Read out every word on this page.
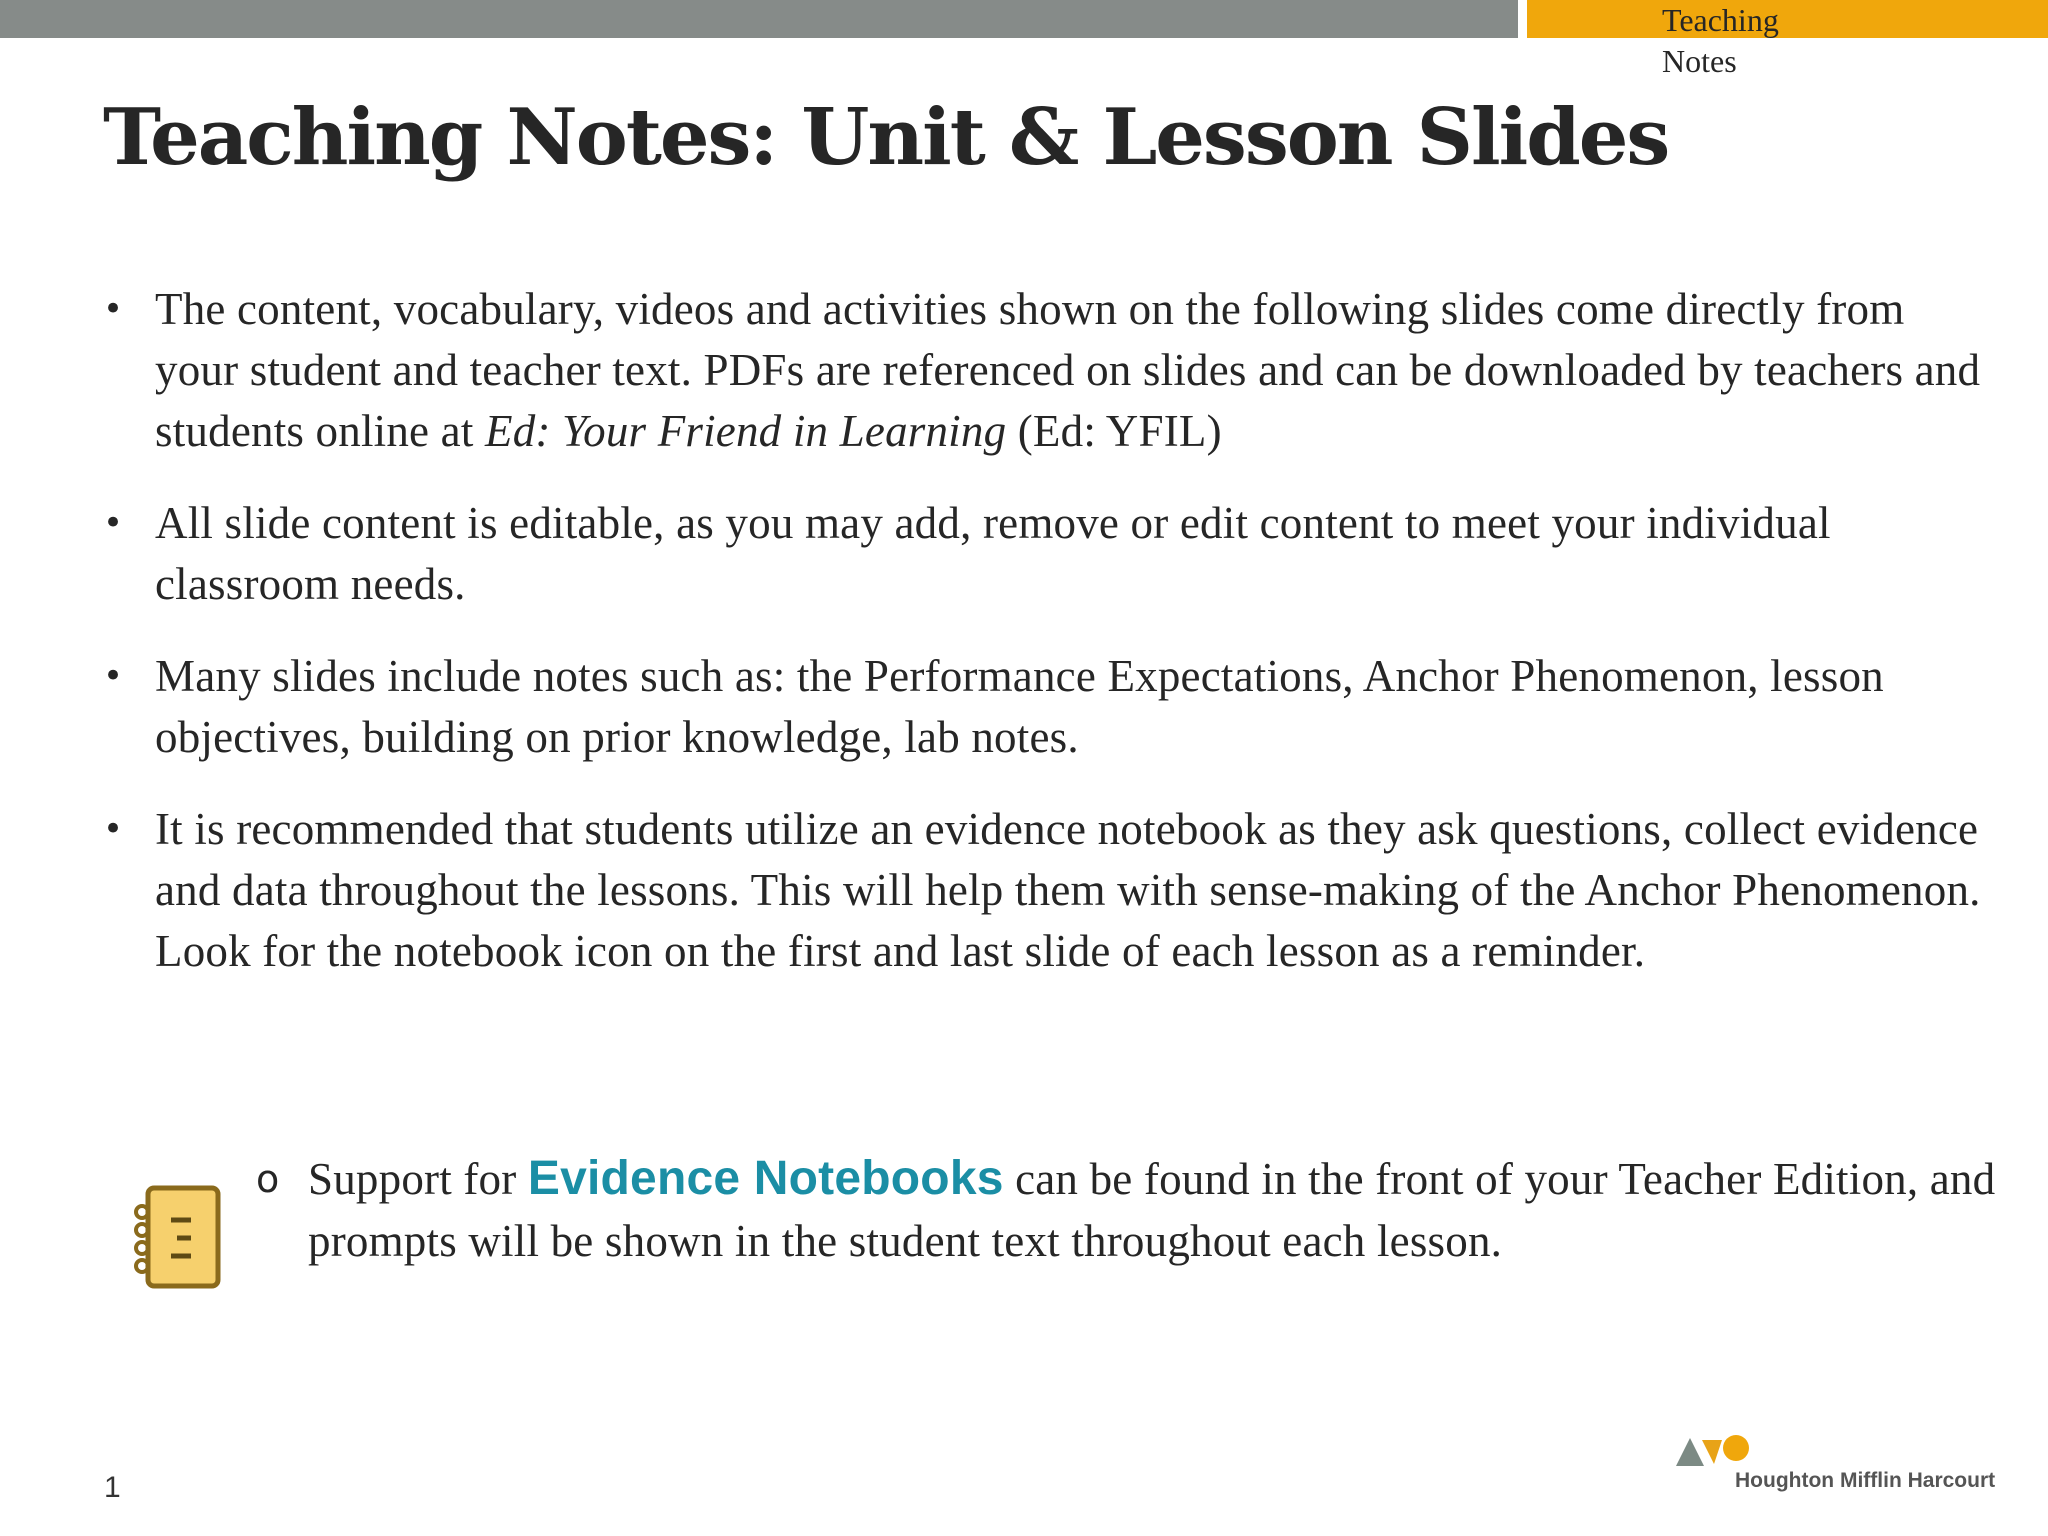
Teaching Notes
Teaching Notes: Unit & Lesson Slides
• The content, vocabulary, videos and activities shown on the following slides come directly from your student and teacher text. PDFs are referenced on slides and can be downloaded by teachers and students online at Ed: Your Friend in Learning (Ed: YFIL)
• All slide content is editable, as you may add, remove or edit content to meet your individual classroom needs.
• Many slides include notes such as: the Performance Expectations, Anchor Phenomenon, lesson objectives, building on prior knowledge, lab notes.
• It is recommended that students utilize an evidence notebook as they ask questions, collect evidence and data throughout the lessons. This will help them with sense-making of the Anchor Phenomenon. Look for the notebook icon on the first and last slide of each lesson as a reminder.
o Support for Evidence Notebooks can be found in the front of your Teacher Edition, and prompts will be shown in the student text throughout each lesson.
1	Houghton Mifflin Harcourt
